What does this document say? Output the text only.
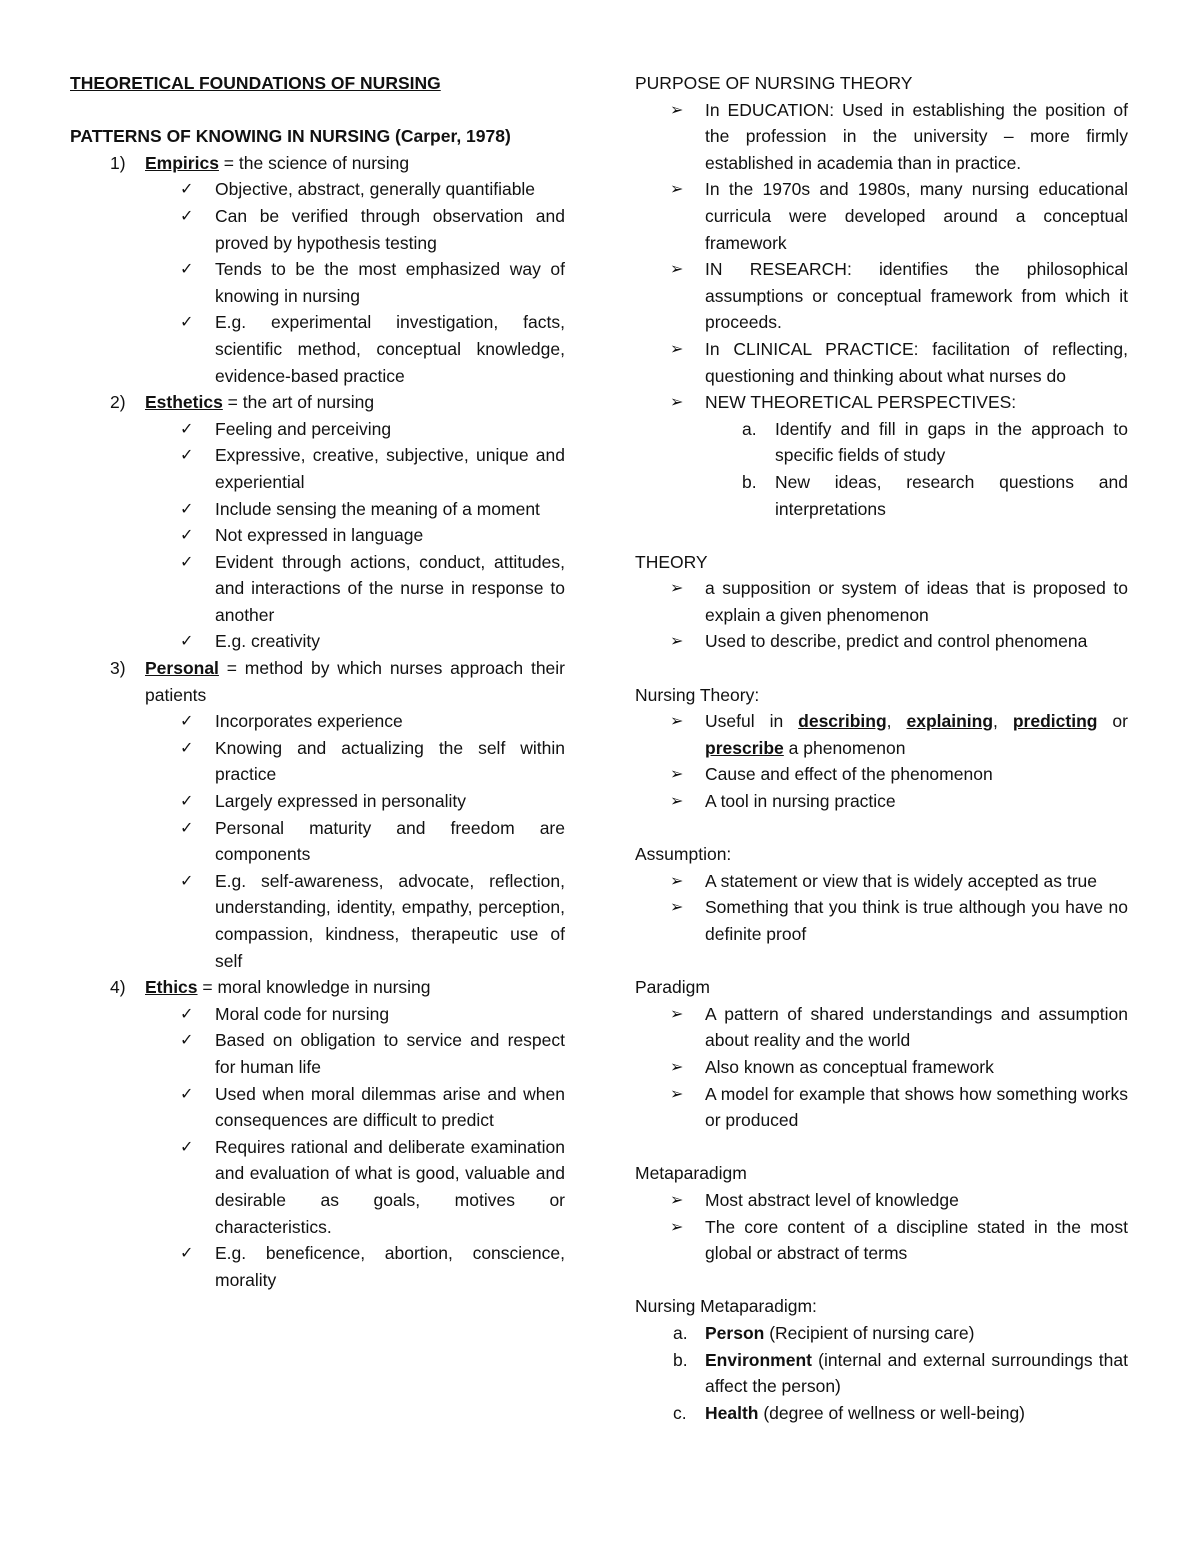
THEORETICAL FOUNDATIONS OF NURSING
PATTERNS OF KNOWING IN NURSING (Carper, 1978)
1) Empirics = the science of nursing
✓ Objective, abstract, generally quantifiable
✓ Can be verified through observation and proved by hypothesis testing
✓ Tends to be the most emphasized way of knowing in nursing
✓ E.g. experimental investigation, facts, scientific method, conceptual knowledge, evidence-based practice
2) Esthetics = the art of nursing
✓ Feeling and perceiving
✓ Expressive, creative, subjective, unique and experiential
✓ Include sensing the meaning of a moment
✓ Not expressed in language
✓ Evident through actions, conduct, attitudes, and interactions of the nurse in response to another
✓ E.g. creativity
3) Personal = method by which nurses approach their patients
✓ Incorporates experience
✓ Knowing and actualizing the self within practice
✓ Largely expressed in personality
✓ Personal maturity and freedom are components
✓ E.g. self-awareness, advocate, reflection, understanding, identity, empathy, perception, compassion, kindness, therapeutic use of self
4) Ethics = moral knowledge in nursing
✓ Moral code for nursing
✓ Based on obligation to service and respect for human life
✓ Used when moral dilemmas arise and when consequences are difficult to predict
✓ Requires rational and deliberate examination and evaluation of what is good, valuable and desirable as goals, motives or characteristics.
✓ E.g. beneficence, abortion, conscience, morality
PURPOSE OF NURSING THEORY
➢ In EDUCATION: Used in establishing the position of the profession in the university – more firmly established in academia than in practice.
➢ In the 1970s and 1980s, many nursing educational curricula were developed around a conceptual framework
➢ IN RESEARCH: identifies the philosophical assumptions or conceptual framework from which it proceeds.
➢ In CLINICAL PRACTICE: facilitation of reflecting, questioning and thinking about what nurses do
➢ NEW THEORETICAL PERSPECTIVES:
a. Identify and fill in gaps in the approach to specific fields of study
b. New ideas, research questions and interpretations
THEORY
➢ a supposition or system of ideas that is proposed to explain a given phenomenon
➢ Used to describe, predict and control phenomena
Nursing Theory:
➢ Useful in describing, explaining, predicting or prescribe a phenomenon
➢ Cause and effect of the phenomenon
➢ A tool in nursing practice
Assumption:
➢ A statement or view that is widely accepted as true
➢ Something that you think is true although you have no definite proof
Paradigm
➢ A pattern of shared understandings and assumption about reality and the world
➢ Also known as conceptual framework
➢ A model for example that shows how something works or produced
Metaparadigm
➢ Most abstract level of knowledge
➢ The core content of a discipline stated in the most global or abstract of terms
Nursing Metaparadigm:
a. Person (Recipient of nursing care)
b. Environment (internal and external surroundings that affect the person)
c. Health (degree of wellness or well-being)
